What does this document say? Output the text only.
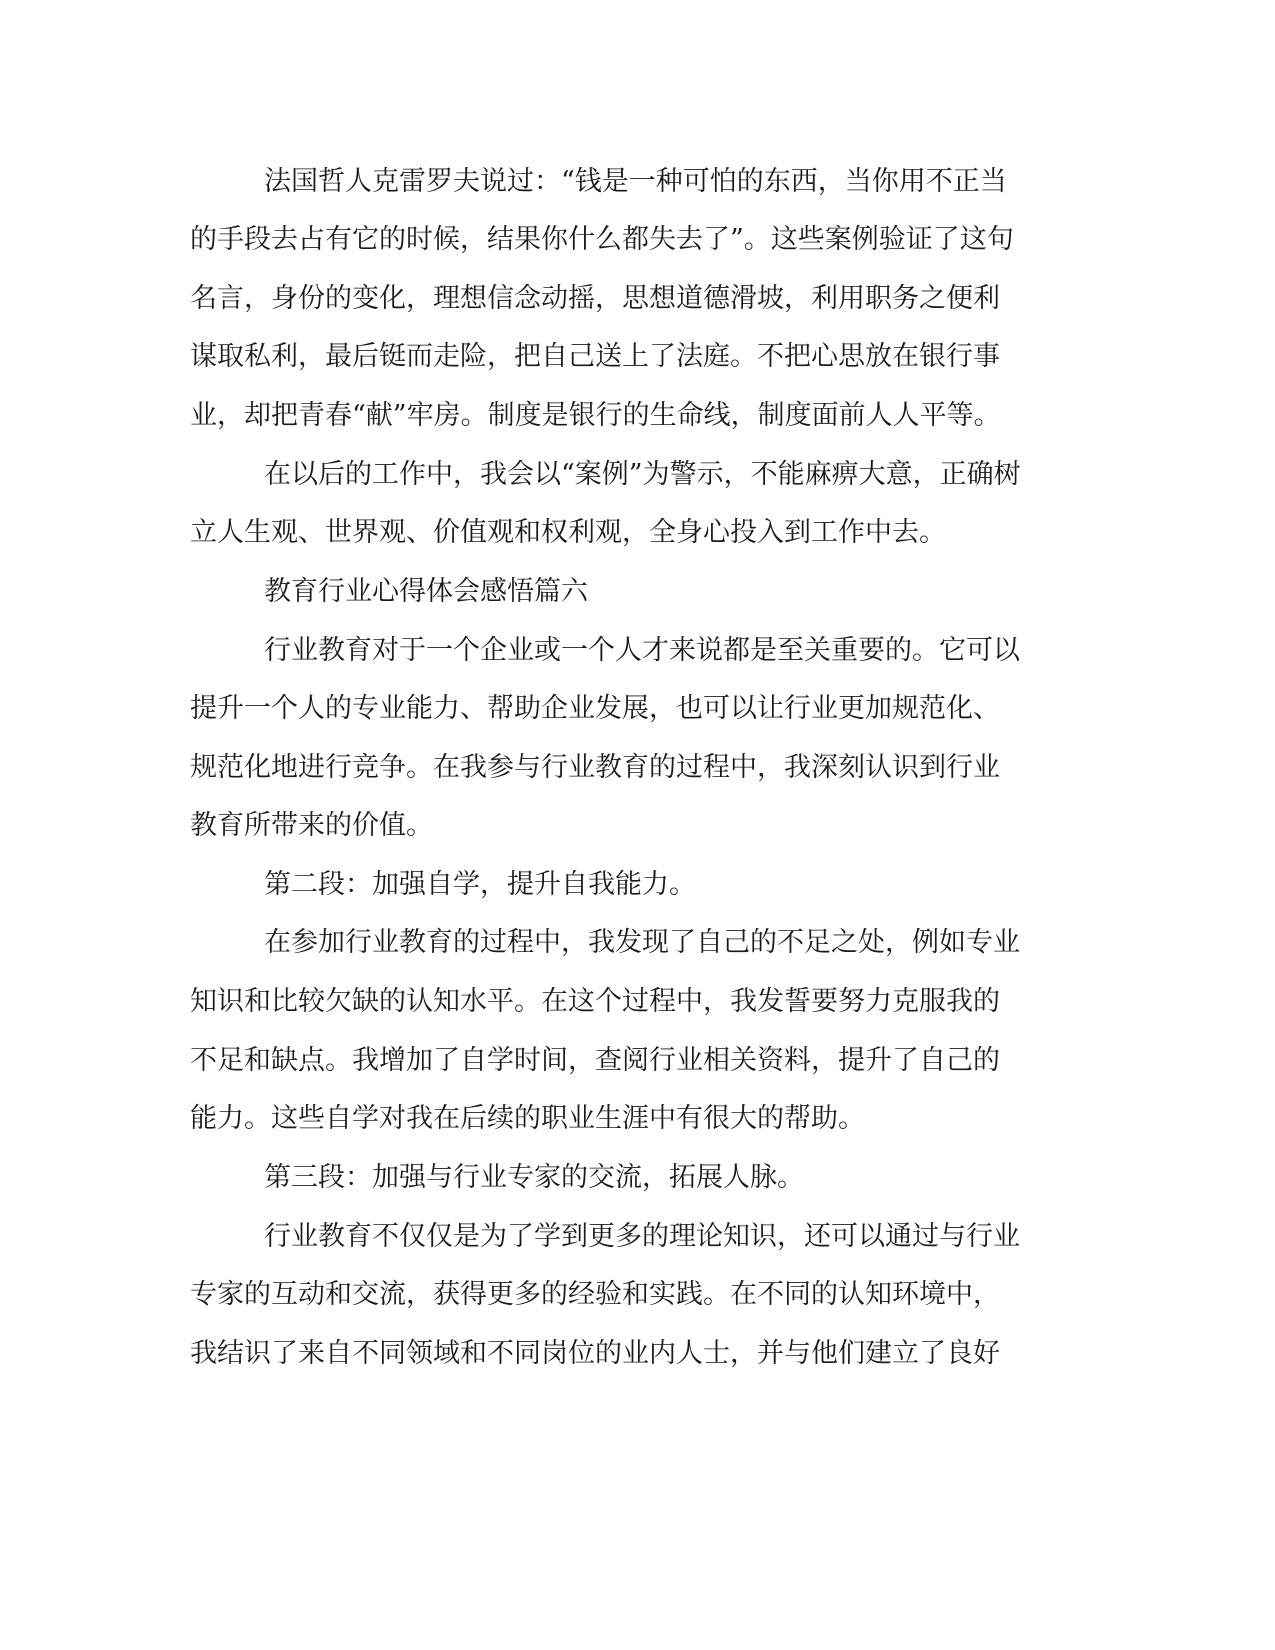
法国哲人克雷罗夫说过：“钱是一种可怕的东西，当你用不正当
的手段去占有它的时候，结果你什么都失去了”。这些案例验证了这句
名言，身份的变化，理想信念动摇，思想道德滑坡，利用职务之便利
谋取私利，最后铤而走险，把自己送上了法庭。不把心思放在银行事
业，却把青春“献”牢房。制度是银行的生命线，制度面前人人平等。
在以后的工作中，我会以“案例”为警示，不能麻痹大意，正确树
立人生观、世界观、价值观和权利观，全身心投入到工作中去。
教育行业心得体会感悟篇六
行业教育对于一个企业或一个人才来说都是至关重要的。它可以
提升一个人的专业能力、帮助企业发展，也可以让行业更加规范化、
规范化地进行竞争。在我参与行业教育的过程中，我深刻认识到行业
教育所带来的价值。
第二段：加强自学，提升自我能力。
在参加行业教育的过程中，我发现了自己的不足之处，例如专业
知识和比较欠缺的认知水平。在这个过程中，我发誓要努力克服我的
不足和缺点。我增加了自学时间，查阅行业相关资料，提升了自己的
能力。这些自学对我在后续的职业生涯中有很大的帮助。
第三段：加强与行业专家的交流，拓展人脉。
行业教育不仅仅是为了学到更多的理论知识，还可以通过与行业
专家的互动和交流，获得更多的经验和实践。在不同的认知环境中，
我结识了来自不同领域和不同岗位的业内人士，并与他们建立了良好
